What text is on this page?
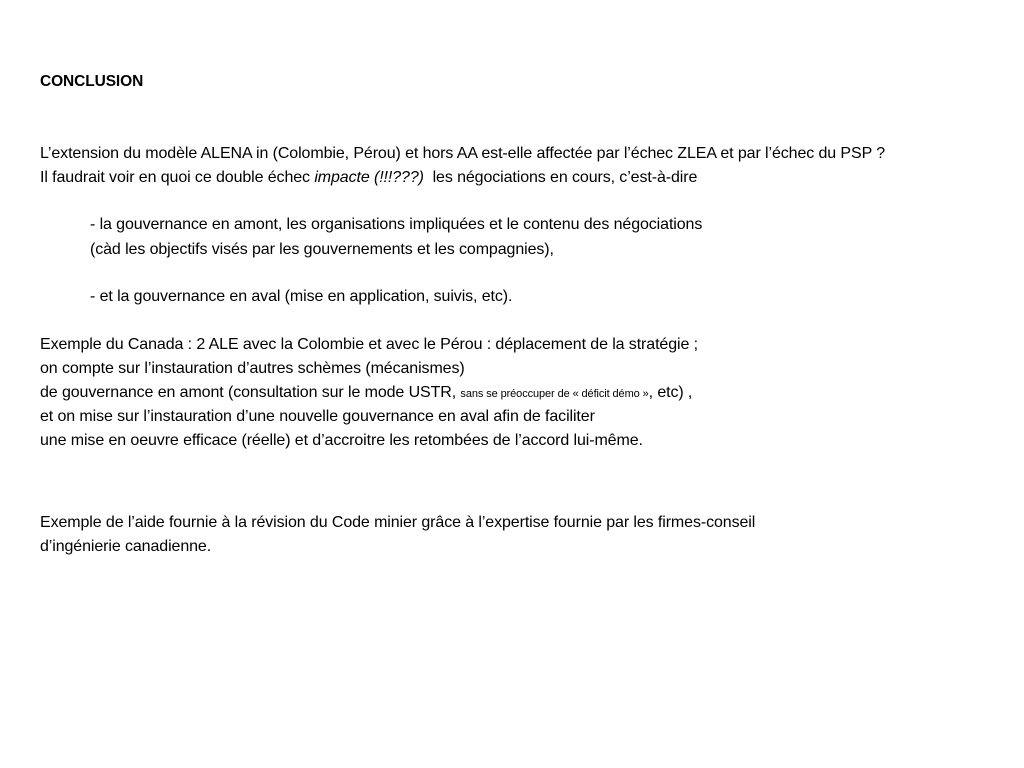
CONCLUSION
L’extension du modèle ALENA in (Colombie, Pérou) et hors AA est-elle affectée par l’échec ZLEA et par l’échec du PSP ?
Il faudrait voir en quoi ce double échec impacte (!!!???)  les négociations en cours, c’est-à-dire
- la gouvernance en amont, les organisations impliquées et le contenu des négociations
(càd les objectifs visés par les gouvernements et les compagnies),
- et la gouvernance en aval (mise en application, suivis, etc).
Exemple du Canada : 2 ALE avec la Colombie et avec le Pérou : déplacement de la stratégie ;
on compte sur l’instauration d’autres schèmes (mécanismes)
de gouvernance en amont (consultation sur le mode USTR, sans se préoccuper de « déficit démo », etc) ,
et on mise sur l’instauration d’une nouvelle gouvernance en aval afin de faciliter
une mise en oeuvre efficace (réelle) et d’accroitre les retombées de l’accord lui-même.
Exemple de l’aide fournie à la révision du Code minier grâce à l’expertise fournie par les firmes-conseil
d’ingénierie canadienne.
